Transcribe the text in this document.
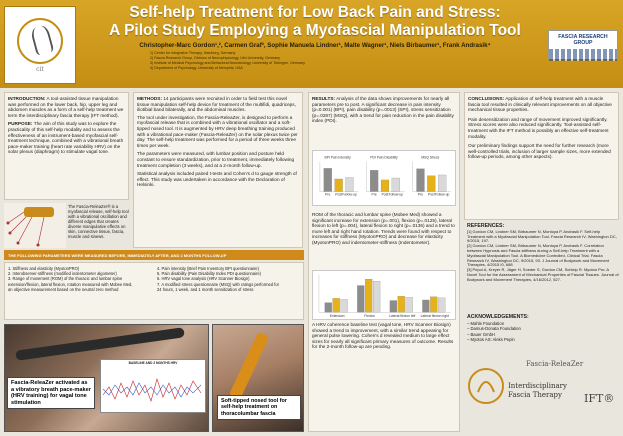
cit
Self-help Treatment for Low Back Pain and Stress:
A Pilot Study Employing a Myofascial Manipulation Tool
Christopher-Marc Gordon¹,², Carmen Graf³, Sophie Manuela Lindner¹, Malte Wagner¹, Niels Birbaumer¹, Frank Andrasik⁴
1) Center for Integrative Therapy, Hamburg, Germany
2) Fascia Research Group, Division of Neurophysiology, Ulm University, Germany
3) Institute of Medical Psychology and Behavioral Neurobiology, University of Tübingen, Germany
4) Department of Psychology, University of Memphis, USA
FASCIA RESEARCH GROUP

INTRODUCTION: A tool-assisted tissue manipulation was performed on the lower back, hip, upper leg and abdomen muscles as a form of a self-help treatment we term the interdisciplinary fascia therapy (IFT method).

PURPOSE: The aim of this study was to explore the practicality of this self-help modality and to assess the effectiveness of an instrument-based myofascial self-treatment technique, combined with a vibrational breath pace-maker training (heart rate variability HRV) on the solar plexus (diaphragm) to stimulate vagal tone.

The Fascia-ReleaZer® is a myofascial release, self-help tool with a vibrational oscillation and different edges that creates diverse manipulative effects on skin, connective tissue, fascia, muscle and sinews.

METHODS: 14 participants were recruited in order to field test this novel tissue manipulation self-help device for treatment of the multifidi, quadriceps, iliotibial band bilaterally, and the abdominal muscles.

The tool under investigation, the Fascia-ReleaZer, is designed to perform a myofascial release that is combined with a vibrational oscillator and a soft-tipped nosed tool. It is augmented by HRV deep breathing training produced with a vibrational pace-maker (Fascia-ReleaZer) on the solar plexus twice per day. The self-help treatment was performed for a period of three weeks three times per week.

The parameters were measured, with lumbar position and posture held constant to ensure standardization, prior to treatment, immediately following treatment completion (3 weeks), and at a 2-month follow-up.

Statistical analysis included paired t-tests and Cohen's d to gauge strength of effect. This study was undertaken in accordance with the Declaration of Helsinki.

THE FOLLOWING PARAMETERS WERE MEASURED BEFORE, IMMEDIATELY AFTER, AND 2 MONTHS FOLLOW-UP
1. Stiffness and elasticity (MyotonPRO)
2. Interobserver-stiffness (modified indentometer algometer)
3. Range of movement (ROM) of the thoracic and lumbar spine
extension/flexion, lateral flexion, rotation measured with Mobee Med,
an objective measurement based on the neutral zero method
4. Pain intensity (Brief Pain Inventory BPI questionnaire)
5. Pain disability (Pain Disability Index PDI questionnaire)
6. HRV vagal tone analysis (HRV Scanner Biosign)
7. A modified stress questionnaire (MSQ) with ratings performed for
24 hours, 1 week, and 1 month sensitization of stress
BASELINE AND 2 MONTHS HRV
Fascia-ReleaZer activated as a vibratory breath pace-maker (HRV training) for vagal tone stimulation	Soft-tipped nosed tool for self-help treatment on thoracolumbar fascia

RESULTS: Analysis of the data shows improvements for nearly all parameters pre to post. A significant decrease in pain intensity (p=0.001) (BPI), pain disability (p=.0013) (SPI), stress sensitization (p=.0287) (MSQ), with a trend for pain reduction in the pain disability index (PDI).

BPI Pain Intensity
Pre Post Follow-up
PDI Pain Disability
Pre Post Follow-up
MSQ Stress
Pre Post Follow-up
ROM of the thoracic and lumbar spine (Mobee Med) showed a significant increase for extension (p=.001), flexion (p=.0125), lateral flexion to left (p=.004), lateral flexion to right (p=.0136) and a trend to more left and right hand rotation. Trends were found with respect to increases for stiffness (MyotonPRO) and decrease for elasticity (MyotonPRO) and indentometer-stiffness (Indentometer).
Extension	Flexion	Lateral flexion left Lateral flexion right
A HRV coherence baseline test (vagal tone, HRV Scanner Biosign) showed a trend to improvement, with a similar trend appearing for general pulse lowering. Cohen's d revealed medium to large effect sizes for nearly all significant primary measures of outcome. Results for the 2-month follow-up are pending.

CONCLUSIONS: Application of self-help treatment with a muscle fascia tool resulted in clinically relevant improvements on all objective mechanical tissue properties.

Pain desensitization and range of movement improved significantly. Stress scores were also reduced significantly. Tool-assisted self-treatment with the IFT method is possibly an effective self-treatment modality.

Our preliminary findings support the need for further research (more well-controlled trials, inclusion of larger sample sizes, more extended follow-up periods, among other aspects).

REFERENCES:
[1] Gordon CM, Lindner SM, Birbaumer N, Montoya P, Andrasik F. Self-help Treatment with a Myofascial Manipulation Tool. Fascia Research IV, Washington DC, 9/2015, 197.
[2] Gordon CM, Lindner SM, Birbaumer N, Montoya P, Andrasik F. Correlation between Hypnosis and Fascia stiffness during a Self-help Treatment with a Myofascial Manipulation Tool. A Biomedicine Controlled, Clinical Trial. Fascia Research IV, Washington DC, 9/2015, 93. J Journal of Bodywork and Movement Therapies, 4/2015 I0, 688
[3] Pepoi A, Kreyer R, Jäger H, Soeder S, Gordon CM, Schleip R. Myoton Pro: A Novel Tool for the Assessment of Mechanical Properties of Fascial Tissues. Journal of Bodywork and Movement Therapies, 4/16/2012, 527.
ACKNOWLEDGEMENTS:
– Mahle Foundation
– Damus-Donata Foundation
– Bauer GmbH
– Myotos AS: Aleks Pepin
Fascia-ReleaZer
Interdisciplinary Fascia Therapy	IFT®
